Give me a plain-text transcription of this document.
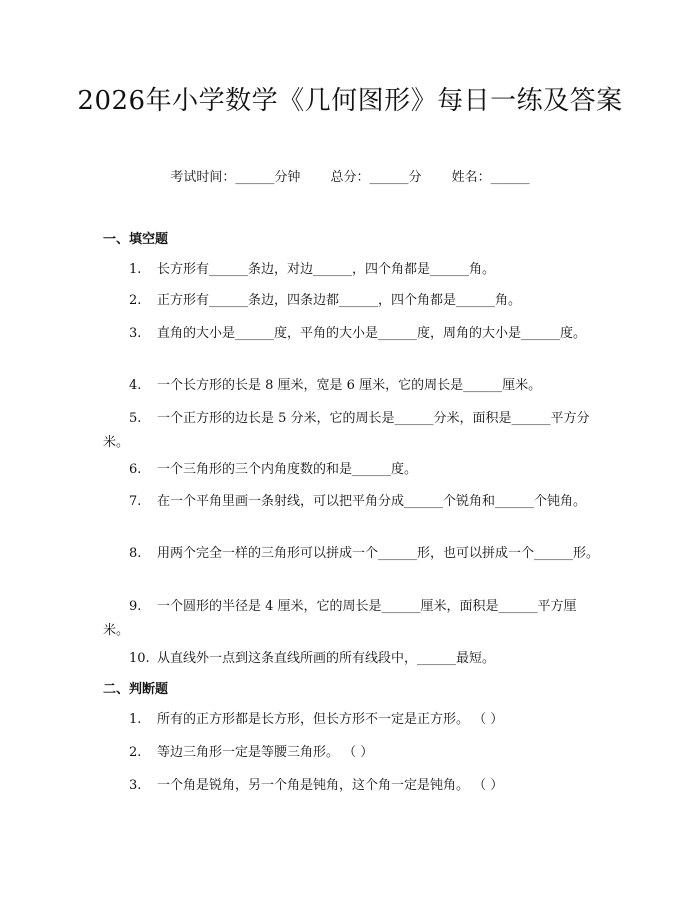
2026年小学数学《几何图形》每日一练及答案
考试时间：______分钟 总分：______分 姓名：______
一、填空题
1. 长方形有______条边，对边______，四个角都是______角。
2. 正方形有______条边，四条边都______，四个角都是______角。
3. 直角的大小是______度，平角的大小是______度，周角的大小是______度。
4. 一个长方形的长是 8 厘米，宽是 6 厘米，它的周长是______厘米。
5. 一个正方形的边长是 5 分米，它的周长是______分米，面积是______平方分米。
6. 一个三角形的三个内角度数的和是______度。
7. 在一个平角里画一条射线，可以把平角分成______个锐角和______个钝角。
8. 用两个完全一样的三角形可以拼成一个______形，也可以拼成一个______形。
9. 一个圆形的半径是 4 厘米，它的周长是______厘米，面积是______平方厘米。
10. 从直线外一点到这条直线所画的所有线段中，______最短。
二、判断题
1. 所有的正方形都是长方形，但长方形不一定是正方形。 （ ）
2. 等边三角形一定是等腰三角形。 （ ）
3. 一个角是锐角，另一个角是钝角，这个角一定是钝角。 （ ）
